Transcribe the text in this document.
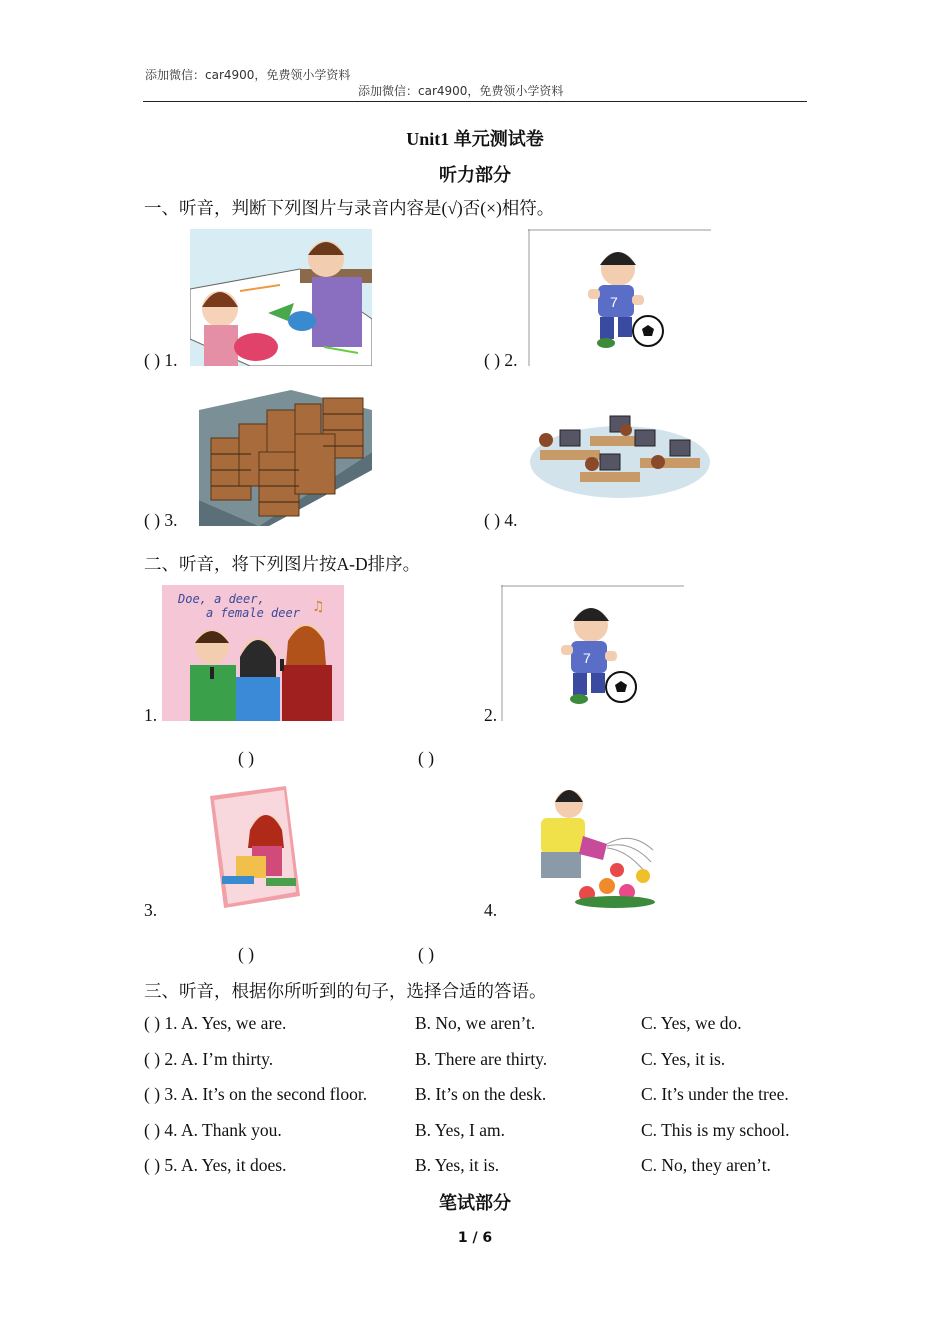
添加微信：car4900，免费领小学资料
添加微信：car4900，免费领小学资料
Unit1 单元测试卷
听力部分
一、听音，判断下列图片与录音内容是(√)否(×)相符。
( ) 1.	( ) 2.
7
( ) 3.	( ) 4.
二、听音，将下列图片按A-D排序。
1.
Doe, a deer,
a female deer ♫
2.
7
( )	( )
3.	4.
( )	( )
三、听音，根据你所听到的句子，选择合适的答语。
( ) 1. A. Yes, we are.	B. No, we aren’t.	C. Yes, we do.
( ) 2. A. I’m thirty.	B. There are thirty.	C. Yes, it is.
( ) 3. A. It’s on the second floor.	B. It’s on the desk.	C. It’s under the tree.
( ) 4. A. Thank you.	B. Yes, I am.	C. This is my school.
( ) 5. A. Yes, it does.	B. Yes, it is.	C. No, they aren’t.
笔试部分
1 / 6
